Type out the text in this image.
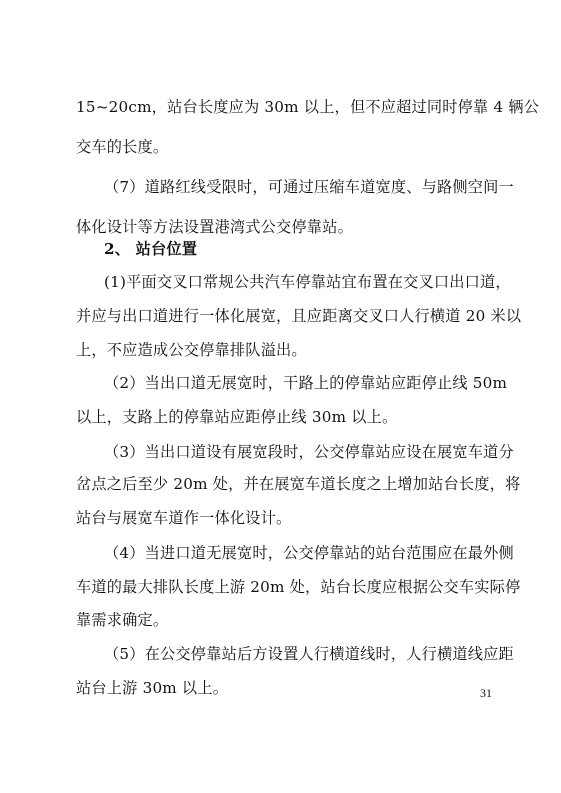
15~20cm，站台长度应为 30m 以上，但不应超过同时停靠 4 辆公
交车的长度。
（7）道路红线受限时，可通过压缩车道宽度、与路侧空间一
体化设计等方法设置港湾式公交停靠站。
2、 站台位置
(1)平面交叉口常规公共汽车停靠站宜布置在交叉口出口道，
并应与出口道进行一体化展宽，且应距离交叉口人行横道 20 米以
上，不应造成公交停靠排队溢出。
（2）当出口道无展宽时，干路上的停靠站应距停止线 50m
以上，支路上的停靠站应距停止线 30m 以上。
（3）当出口道设有展宽段时，公交停靠站应设在展宽车道分
岔点之后至少 20m 处，并在展宽车道长度之上增加站台长度，将
站台与展宽车道作一体化设计。
（4）当进口道无展宽时，公交停靠站的站台范围应在最外侧
车道的最大排队长度上游 20m 处，站台长度应根据公交车实际停
靠需求确定。
（5）在公交停靠站后方设置人行横道线时，人行横道线应距
站台上游 30m 以上。	31
